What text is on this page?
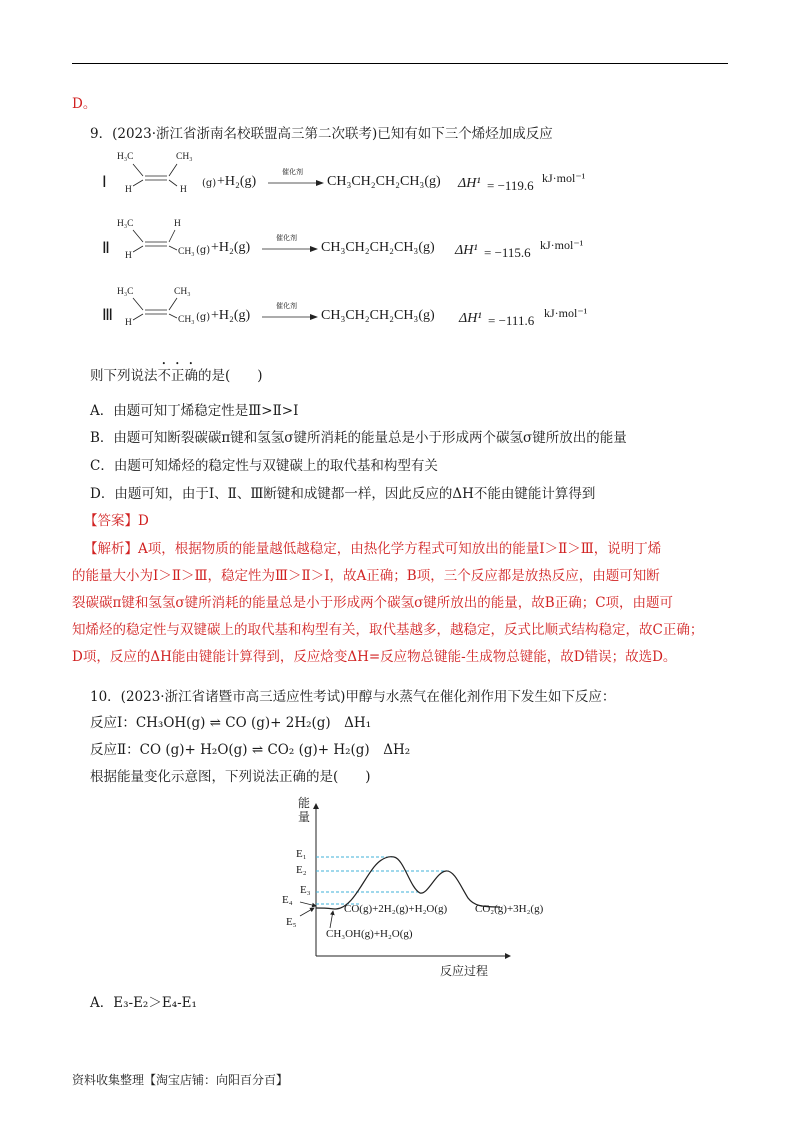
D。
9．(2023·浙江省浙南名校联盟高三第二次联考)已知有如下三个烯烃加成反应
Ⅰ
H₃C	CH₃
H	H
(g) +H₂(g)
催化剂
→ CH₃CH₂CH₂CH₃(g) ΔH¹ = −119.6 kJ·mol⁻¹
Ⅱ
H₃C	H
H	CH₃ (g) +H₂(g)
催化剂
→ CH₃CH₂CH₂CH₃(g) ΔH¹ = −115.6 kJ·mol⁻¹
Ⅲ
H₃C	CH₃
H	CH₃ (g) +H₂(g)
催化剂
→ CH₃CH₂CH₂CH₃(g) ΔH¹ = −111.6 kJ·mol⁻¹
则下列说法不正确的是(　　)
A．由题可知丁烯稳定性是Ⅲ>Ⅱ>Ⅰ
B．由题可知断裂碳碳π键和氢氢σ键所消耗的能量总是小于形成两个碳氢σ键所放出的能量
C．由题可知烯烃的稳定性与双键碳上的取代基和构型有关
D．由题可知，由于Ⅰ、Ⅱ、Ⅲ断键和成键都一样，因此反应的ΔH不能由键能计算得到
【答案】D

【解析】A项，根据物质的能量越低越稳定，由热化学方程式可知放出的能量Ⅰ＞Ⅱ＞Ⅲ，说明丁烯

的能量大小为Ⅰ＞Ⅱ＞Ⅲ，稳定性为Ⅲ＞Ⅱ＞Ⅰ，故A正确；B项，三个反应都是放热反应，由题可知断

裂碳碳π键和氢氢σ键所消耗的能量总是小于形成两个碳氢σ键所放出的能量，故B正确；C项，由题可

知烯烃的稳定性与双键碳上的取代基和构型有关，取代基越多，越稳定，反式比顺式结构稳定，故C正确；

D项，反应的ΔH能由键能计算得到，反应焓变ΔH=反应物总键能-生成物总键能，故D错误；故选D。

10．(2023·浙江省诸暨市高三适应性考试)甲醇与水蒸气在催化剂作用下发生如下反应：
反应Ⅰ：CH₃OH(g) ⇌ CO (g)+ 2H₂(g)　ΔH₁
反应Ⅱ：CO (g)+ H₂O(g) ⇌ CO₂ (g)+ H₂(g)　ΔH₂
根据能量变化示意图，下列说法正确的是(　　)
能量
E₁
E₂
E₃
E₄
E₅
CO(g)+2H₂(g)+H₂O(g)	CO₂(g)+3H₂(g)
CH₃OH(g)+H₂O(g)
反应过程
A．E₃-E₂＞E₄-E₁
资料收集整理【淘宝店铺：向阳百分百】
